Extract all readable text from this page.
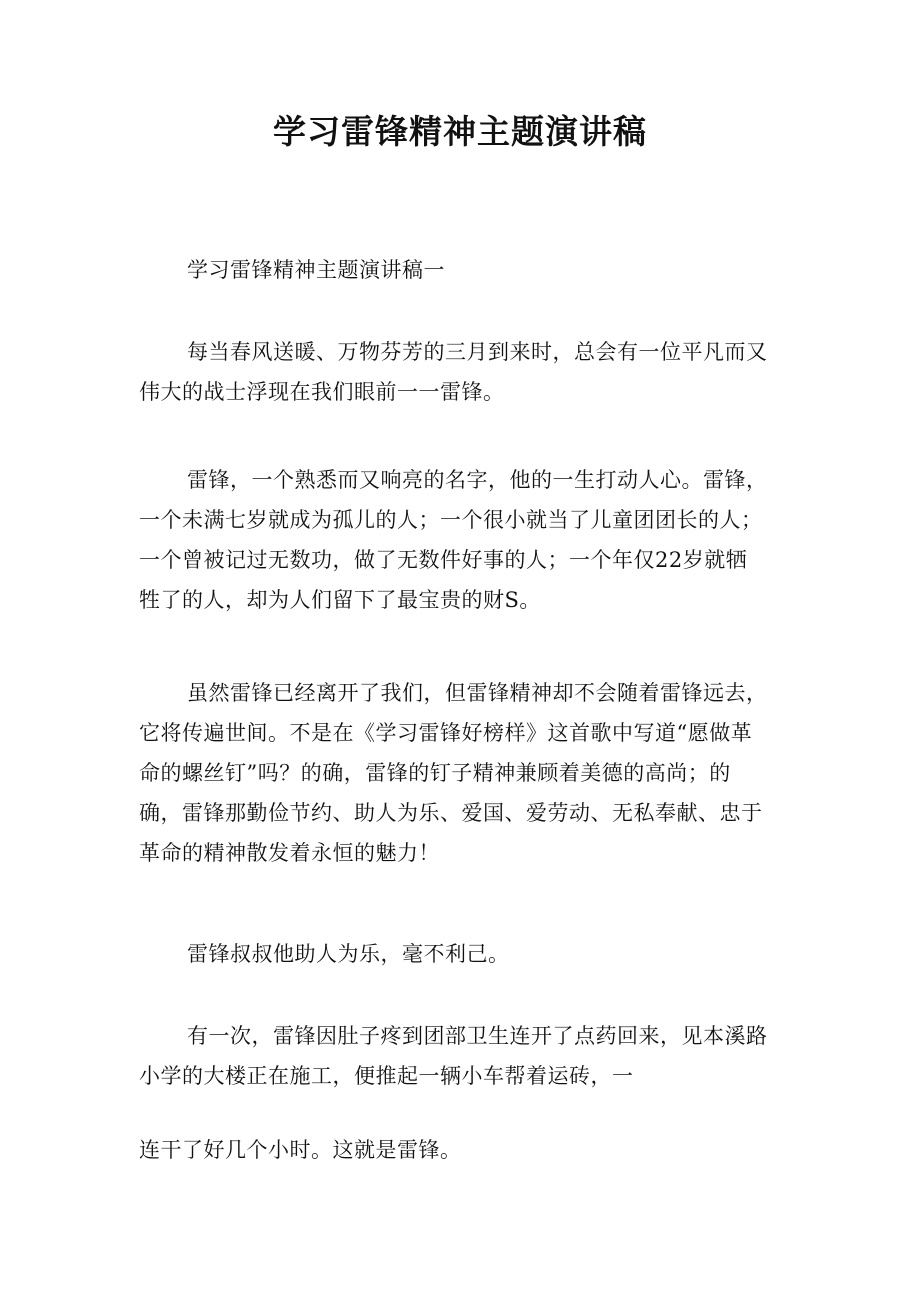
学习雷锋精神主题演讲稿

学习雷锋精神主题演讲稿一

每当春风送暖、万物芬芳的三月到来时，总会有一位平凡而又
伟大的战士浮现在我们眼前一一雷锋。

雷锋，一个熟悉而又响亮的名字，他的一生打动人心。雷锋，
一个未满七岁就成为孤儿的人；一个很小就当了儿童团团长的人；
一个曾被记过无数功，做了无数件好事的人；一个年仅22岁就牺
牲了的人，却为人们留下了最宝贵的财S。

虽然雷锋已经离开了我们，但雷锋精神却不会随着雷锋远去，
它将传遍世间。不是在《学习雷锋好榜样》这首歌中写道“愿做革
命的螺丝钉”吗？的确，雷锋的钉子精神兼顾着美德的高尚；的
确，雷锋那勤俭节约、助人为乐、爱国、爱劳动、无私奉献、忠于
革命的精神散发着永恒的魅力！

雷锋叔叔他助人为乐，毫不利己。

有一次，雷锋因肚子疼到团部卫生连开了点药回来，见本溪路
小学的大楼正在施工，便推起一辆小车帮着运砖，一

连干了好几个小时。这就是雷锋。
